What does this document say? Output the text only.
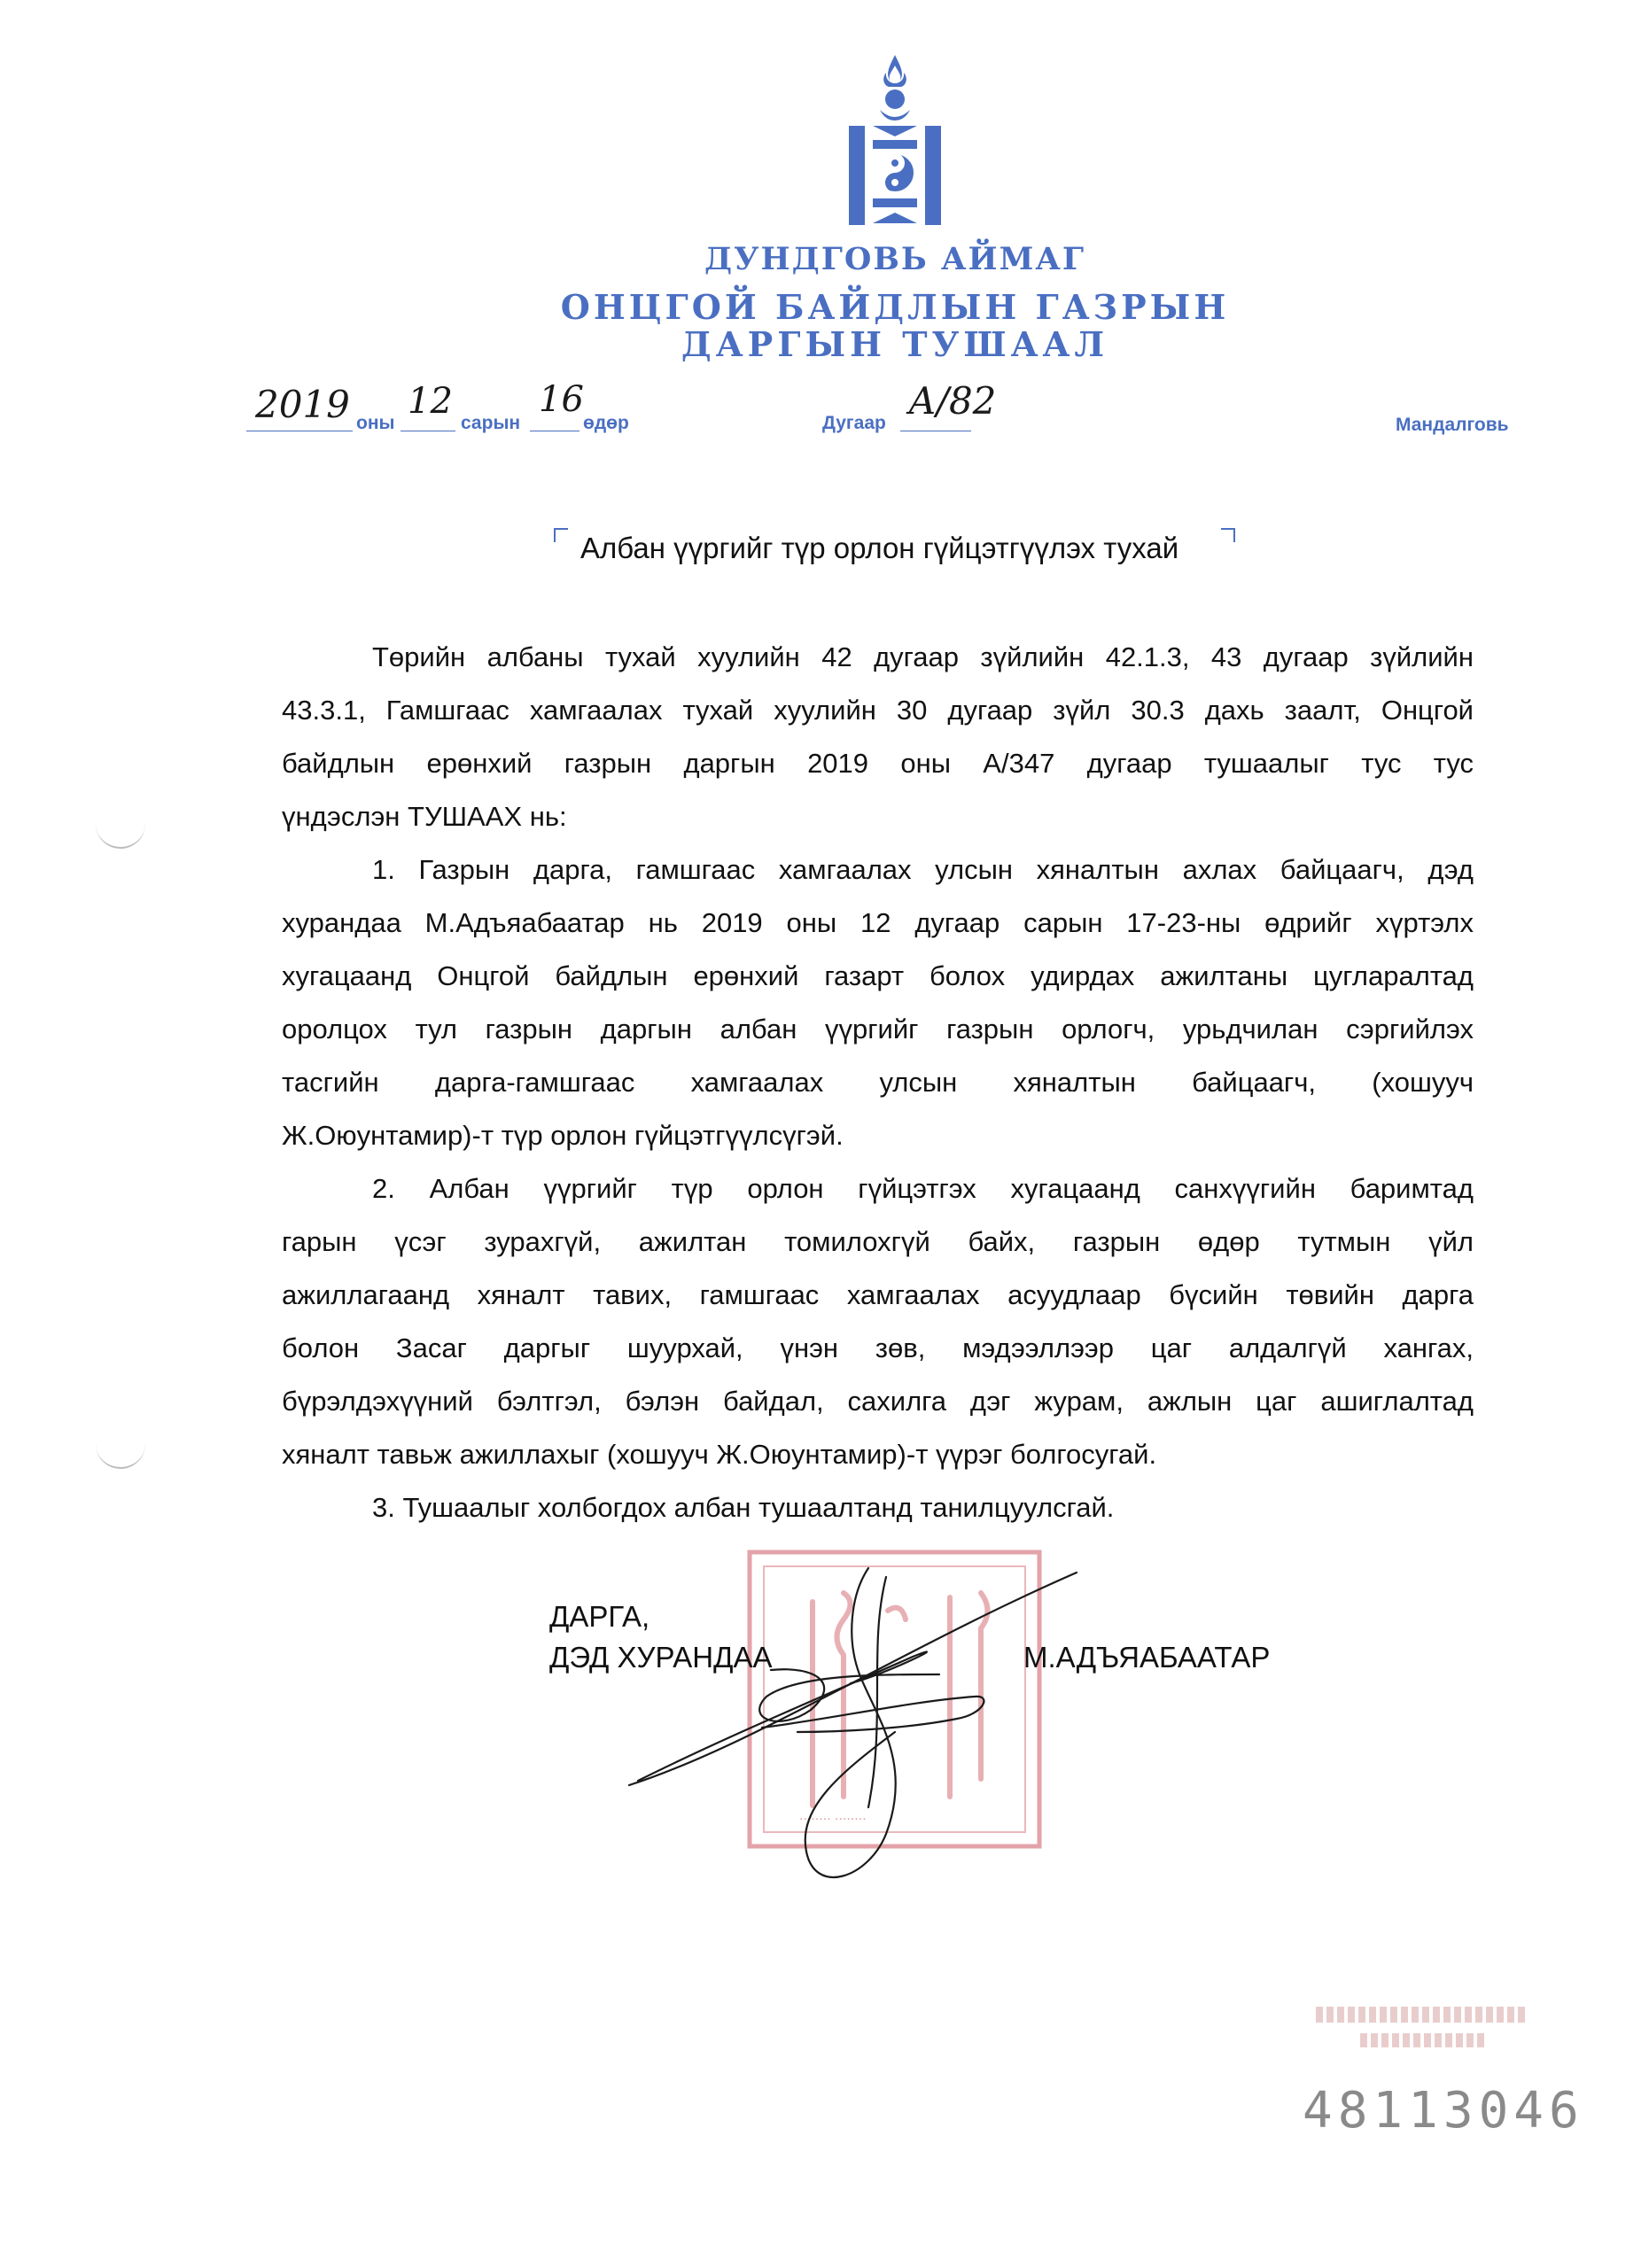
ДУНДГОВЬ АЙМАГ
ОНЦГОЙ БАЙДЛЫН ГАЗРЫН
ДАРГЫН ТУШААЛ
2019 оны
12
сарын
16
өдөр	Дугаар
А/82
Мандалговь
Албан үүргийг түр орлон гүйцэтгүүлэх тухай
Төрийн албаны тухай хуулийн 42 дугаар зүйлийн 42.1.3, 43 дугаар зүйлийн
43.3.1, Гамшгаас хамгаалах тухай хуулийн 30 дугаар зүйл 30.3 дахь заалт, Онцгой
байдлын ерөнхий газрын даргын 2019 оны А/347 дугаар тушаалыг тус тус
үндэслэн ТУШААХ нь:
1. Газрын дарга, гамшгаас хамгаалах улсын хяналтын ахлах байцаагч, дэд
хурандаа М.Адъяабаатар нь 2019 оны 12 дугаар сарын 17-23-ны өдрийг хүртэлх
хугацаанд Онцгой байдлын ерөнхий газарт болох удирдах ажилтаны цугларалтад
оролцох тул газрын даргын албан үүргийг газрын орлогч, урьдчилан сэргийлэх
тасгийн дарга-гамшгаас хамгаалах улсын хяналтын байцаагч, (хошууч
Ж.Оюунтамир)-т түр орлон гүйцэтгүүлсүгэй.
2. Албан үүргийг түр орлон гүйцэтгэх хугацаанд санхүүгийн баримтад
гарын үсэг зурахгүй, ажилтан томилохгүй байх, газрын өдөр тутмын үйл
ажиллагаанд хяналт тавих, гамшгаас хамгаалах асуудлаар бүсийн төвийн дарга
болон Засаг даргыг шуурхай, үнэн зөв, мэдээллээр цаг алдалгүй хангах,
бүрэлдэхүүний бэлтгэл, бэлэн байдал, сахилга дэг журам, ажлын цаг ашиглалтад
хяналт тавьж ажиллахыг (хошууч Ж.Оюунтамир)-т үүрэг болгосугай.
3. Тушаалыг холбогдох албан тушаалтанд танилцуулсгай.
········ ········
ДАРГА,
ДЭД ХУРАНДАА	М.АДЪЯАБААТАР
48113046
